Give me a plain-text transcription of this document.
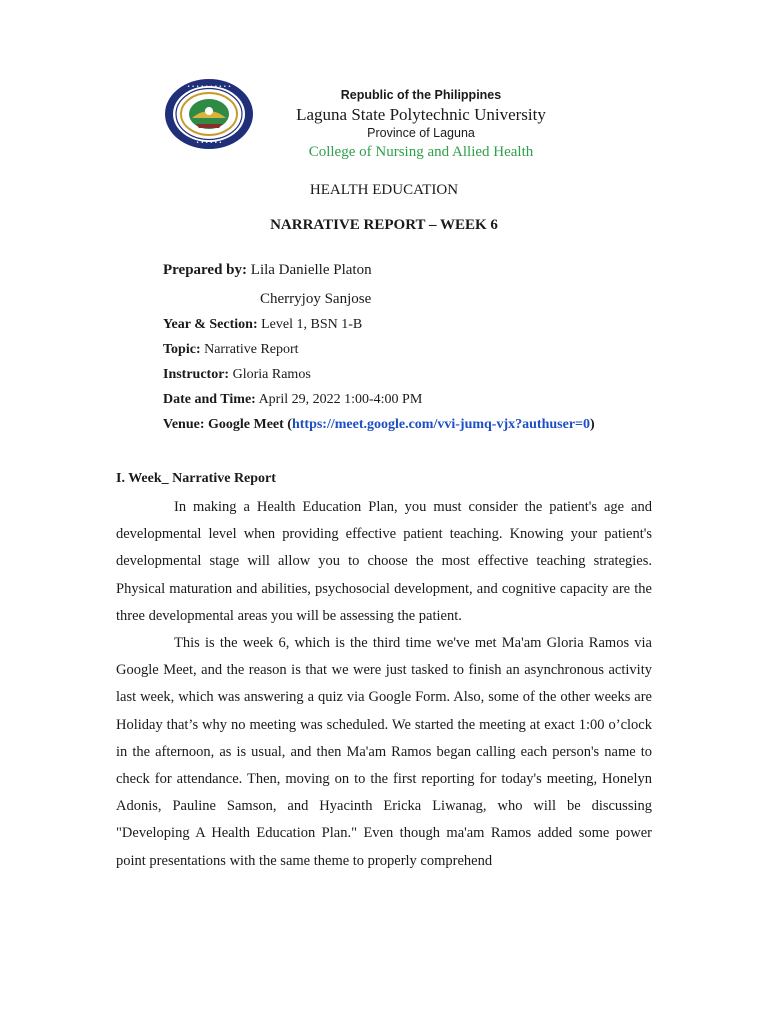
• • • • • • • • • •
• • • • • •
Republic of the Philippines
Laguna State Polytechnic University
Province of Laguna
College of Nursing and Allied Health
HEALTH EDUCATION
NARRATIVE REPORT – WEEK 6
Prepared by: Lila Danielle Platon
Cherryjoy Sanjose
Year & Section: Level 1, BSN 1-B
Topic: Narrative Report
Instructor: Gloria Ramos
Date and Time: April 29, 2022 1:00-4:00 PM
Venue: Google Meet (https://meet.google.com/vvi-jumq-vjx?authuser=0)
I. Week_ Narrative Report

In making a Health Education Plan, you must consider the patient's age and developmental level when providing effective patient teaching. Knowing your patient's developmental stage will allow you to choose the most effective teaching strategies. Physical maturation and abilities, psychosocial development, and cognitive capacity are the three developmental areas you will be assessing the patient.

This is the week 6, which is the third time we've met Ma'am Gloria Ramos via Google Meet, and the reason is that we were just tasked to finish an asynchronous activity last week, which was answering a quiz via Google Form. Also, some of the other weeks are Holiday that’s why no meeting was scheduled. We started the meeting at exact 1:00 o’clock in the afternoon, as is usual, and then Ma'am Ramos began calling each person's name to check for attendance. Then, moving on to the first reporting for today's meeting, Honelyn Adonis, Pauline Samson, and Hyacinth Ericka Liwanag, who will be discussing "Developing A Health Education Plan." Even though ma'am Ramos added some power point presentations with the same theme to properly comprehend
